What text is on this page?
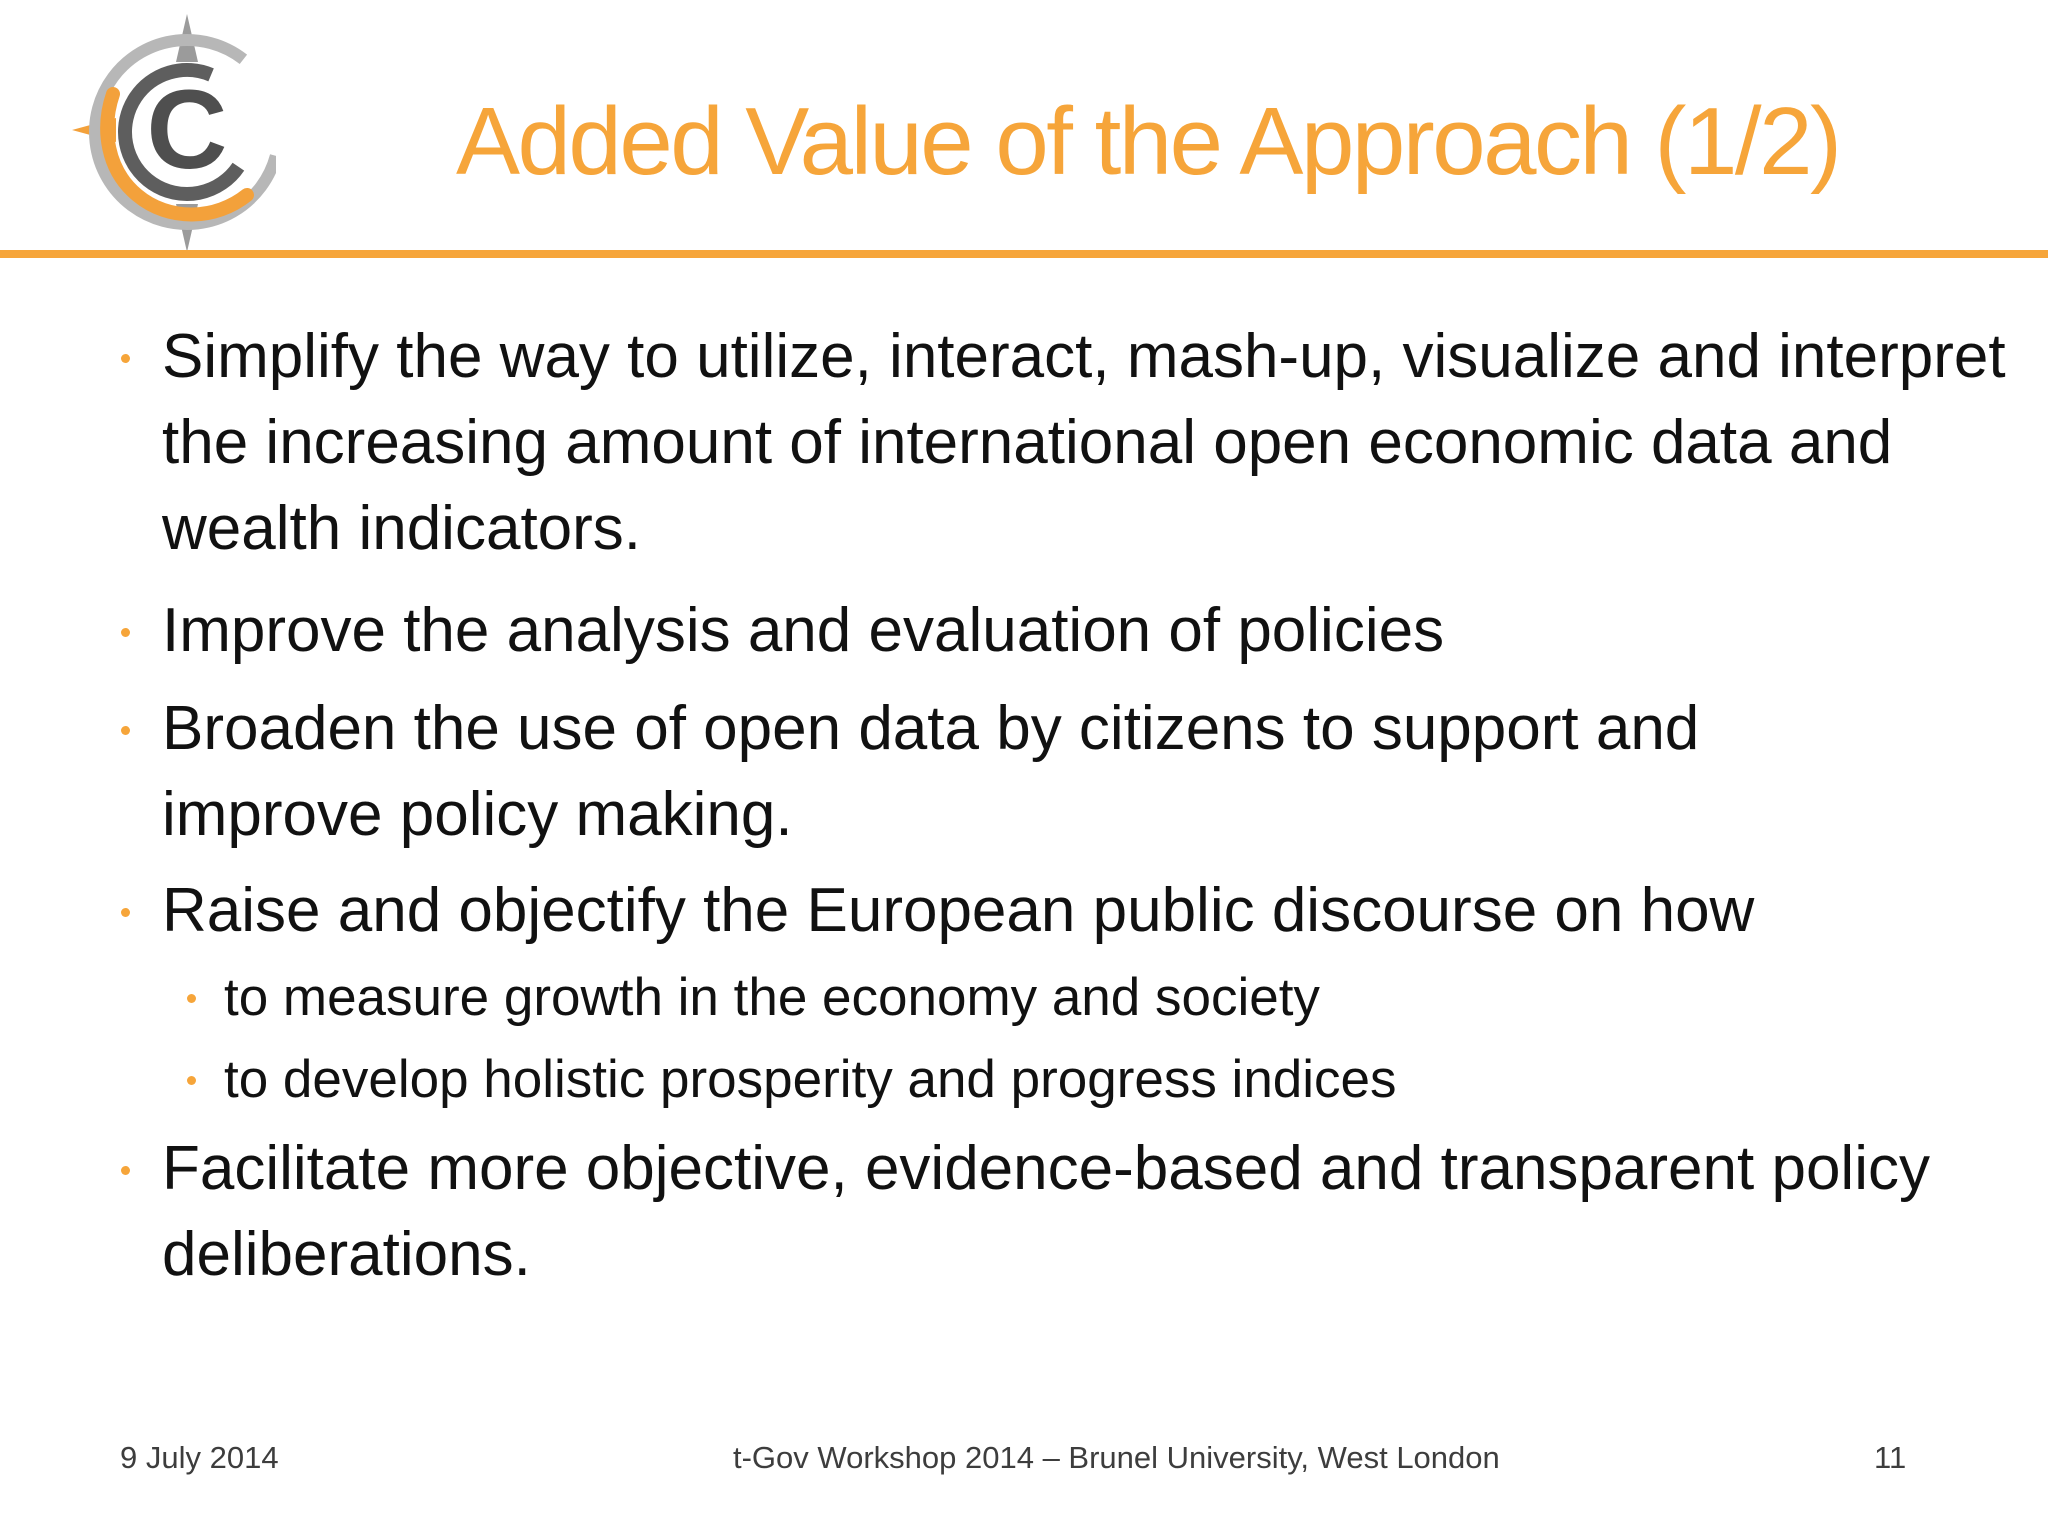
C Added Value of the Approach (1/2)
Simplify the way to utilize, interact, mash-up, visualize and interpret the increasing amount of international open economic data and wealth indicators.
Improve the analysis and evaluation of policies
Broaden the use of open data by citizens to support and improve policy making.
Raise and objectify the European public discourse on how
to measure growth in the economy and society
to develop holistic prosperity and progress indices
Facilitate more objective, evidence-based and transparent policy deliberations.
9 July 2014	t-Gov Workshop 2014 – Brunel University, West London	11
